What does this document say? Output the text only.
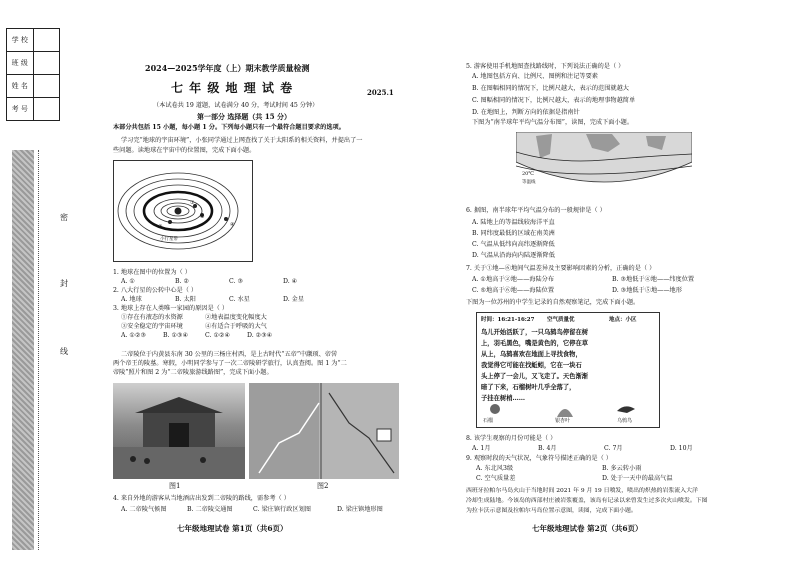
学 校	
班 级	
姓 名	
考 号	
密
封
线
2024—2025学年度（上）期末教学质量检测
七 年 级 地 理 试 卷	2025.1
（本试卷共 19 道题，试卷满分 40 分，考试时间 45 分钟）
第一部分 选择题（共 15 分）
本部分共包括 15 小题，每小题 1 分。下列每小题只有一个最符合题目要求的选项。
学习完“地球的宇宙环境”，小张同学通过上网查找了关于太阳系的相关资料，并提出了一
些问题。读地球在宇宙中的位置图，完成下面小题。
①
②
③	④
小行星带
1. 地球在图中的位置为（ ）
A. ①	B. ②	C. ③	D. ④
2. 八大行星的公转中心是（ ）
A. 地球	B. 太阳	C. 水星	D. 金星
3. 地球上存在人类唯一家园的原因是（ ）
①存在有液态的水资源	②地表温度变化幅度大
③安全稳定的宇宙环境	④有适合于呼吸的大气
A. ①②③	B. ①③④	C. ①②④	D. ②③④
二帝陵位于内黄县东南 30 公里的三杨庄村西，是上古时代“五帝”中颛顼、帝喾
两个帝王的陵墓。寒假，小明同学参与了一次二帝陵研学旅行，认真查阅。图 1 为“二
帝陵”照片和图 2 为“二帝陵旅游线路图”，完成下面小题。
图1	图2
4. 来自外地的游客从当地酒店出发到二帝陵的路线，需参考（ ）
A. 二帝陵气候图	B. 二帝陵交通图	C. 梁庄镇行政区划图	D. 梁庄镇地形图
七年级地理试卷 第1页（共6页）
5. 游客使用手机地图查找路线时，下列说法正确的是（ ）
A. 地图包括方向、比例尺、图例和注记等要素
B. 在图幅相同的情况下，比例尺越大，表示的范围就越大
C. 图幅相同的情况下，比例尺越大，表示的地理事物越简单
D. 在地图上，判断方向的依据是指南针
下图为“南半球年平均气温分布图”，读图，完成下面小题。
20℃
等温线
6. 据图，南半球年平均气温分布的一般规律是（ ）
A. 陆地上的等温线较海洋平直
B. 同纬度最低的区域在南美洲
C. 气温从低纬向高纬逐渐降低
D. 气温从沿海向内陆逐渐降低
7. 关于①地—⑥地间气温差异及主要影响因素的分析，正确的是（ ）
A. ①地高于②地——海陆分布	B. ③地低于④地——纬度位置
C. ⑤地高于⑥地——海陆位置	D. ③地低于⑤地——地形
下图为一位苏州的中学生记录的自然观察笔记，完成下面小题。
时间：16:21-16:27 空气质量优	地点：小区
鸟儿开始活跃了，一只乌鸫鸟停留在树
上，羽毛黑色，嘴是黄色的，它停在草
从上，乌鸫喜欢在地面上寻找食物，
我觉得它可能在找蚯蚓，它在一块石
头上停了一会儿，又飞走了。天色渐渐
暗了下来，石榴树叶几乎全落了，
子挂在树梢……
石榴	银杏叶	乌鸫鸟
8. 该学生观察的月份可能是（ ）
A. 1月	B. 4月	C. 7月	D. 10月
9. 观察时段的天气状况，气象符号描述正确的是（ ）
A. 东北风3级	B. 多云转小雨
C. 空气质量差	D. 处于一天中的最高气温
西班牙拉帕尔马岛火山于当地时间 2021 年 9 月 19 日喷发，喷出的炽热的岩浆流入大洋
冷却生成陆地。今该岛的西部村庄被岩浆覆盖，该岛有记录以来曾发生过多次火山喷发。下图
为拉卡沃示意图及拉帕尔马岛位置示意图，读图，完成下面小题。
七年级地理试卷 第2页（共6页）
